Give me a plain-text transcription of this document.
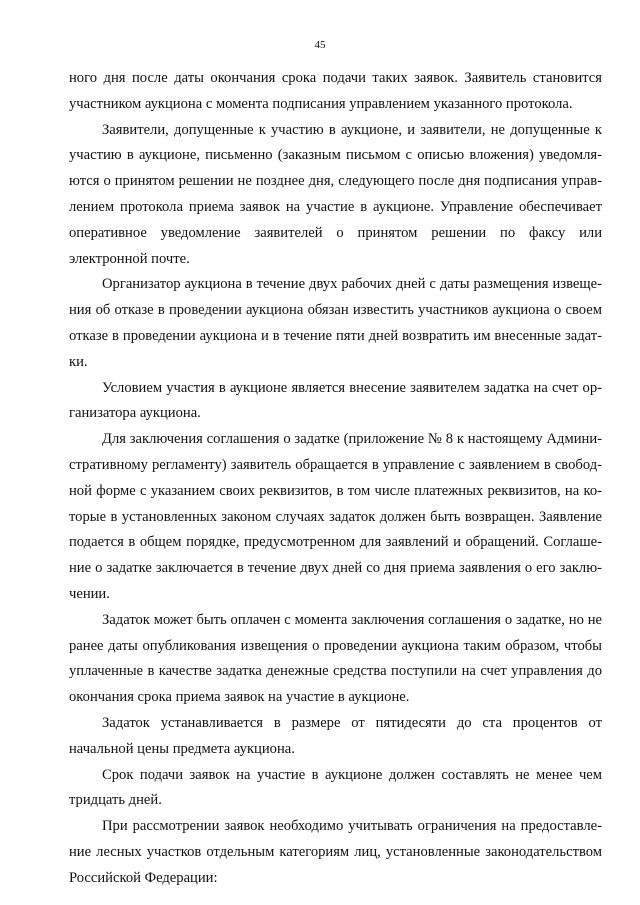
45

ного дня после даты окончания срока подачи таких заявок. Заявитель становится участником аукциона с момента подписания управлением указанного протокола.

Заявители, допущенные к участию в аукционе, и заявители, не допущенные к участию в аукционе, письменно (заказным письмом с описью вложения) уведомляются о принятом решении не позднее дня, следующего после дня подписания управлением протокола приема заявок на участие в аукционе. Управление обеспечивает оперативное уведомление заявителей о принятом решении по факсу или электронной почте.

Организатор аукциона в течение двух рабочих дней с даты размещения извещения об отказе в проведении аукциона обязан известить участников аукциона о своем отказе в проведении аукциона и в течение пяти дней возвратить им внесенные задатки.

Условием участия в аукционе является внесение заявителем задатка на счет организатора аукциона.

Для заключения соглашения о задатке (приложение № 8 к настоящему Административному регламенту) заявитель обращается в управление с заявлением в свободной форме с указанием своих реквизитов, в том числе платежных реквизитов, на которые в установленных законом случаях задаток должен быть возвращен. Заявление подается в общем порядке, предусмотренном для заявлений и обращений. Соглашение о задатке заключается в течение двух дней со дня приема заявления о его заключении.

Задаток может быть оплачен с момента заключения соглашения о задатке, но не ранее даты опубликования извещения о проведении аукциона таким образом, чтобы уплаченные в качестве задатка денежные средства поступили на счет управления до окончания срока приема заявок на участие в аукционе.

Задаток устанавливается в размере от пятидесяти до ста процентов от начальной цены предмета аукциона.

Срок подачи заявок на участие в аукционе должен составлять не менее чем тридцать дней.

При рассмотрении заявок необходимо учитывать ограничения на предоставление лесных участков отдельным категориям лиц, установленные законодательством Российской Федерации:
